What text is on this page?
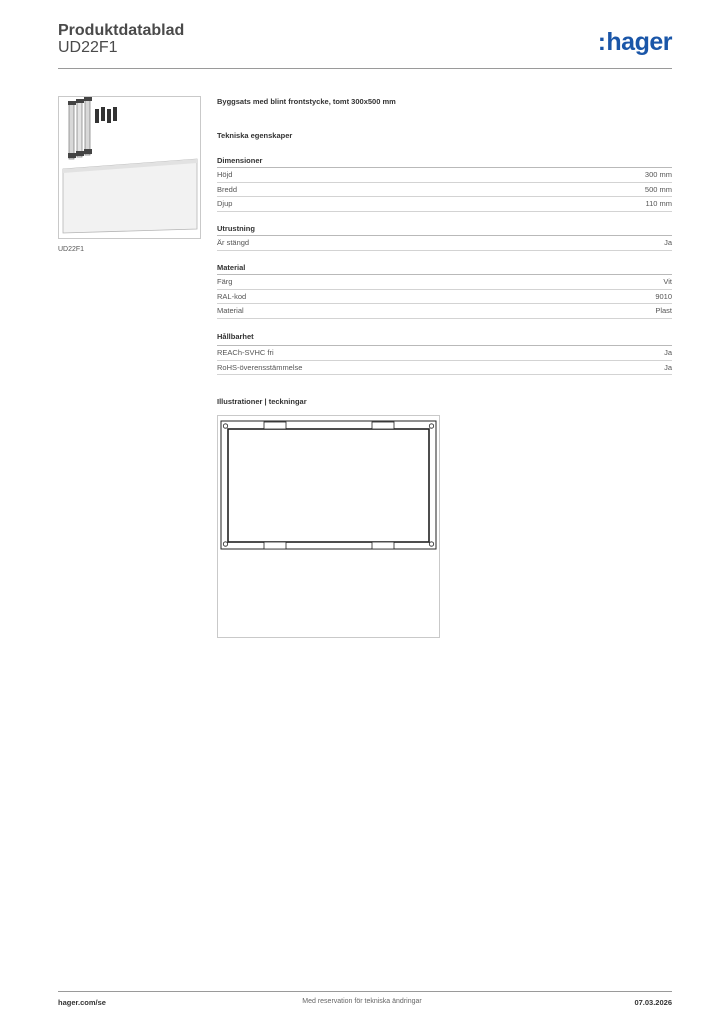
Produktdatablad
UD22F1	:hager
UD22F1
Byggsats med blint frontstycke, tomt 300x500 mm
Tekniska egenskaper
Dimensioner
Höjd	300 mm
Bredd	500 mm
Djup	110 mm
Utrustning
Är stängd	Ja
Material
Färg	Vit
RAL-kod	9010
Material	Plast
Hållbarhet
REACh-SVHC fri	Ja
RoHS-överensstämmelse	Ja
Illustrationer | teckningar
hager.com/se	Med reservation för tekniska ändringar	07.03.2026
